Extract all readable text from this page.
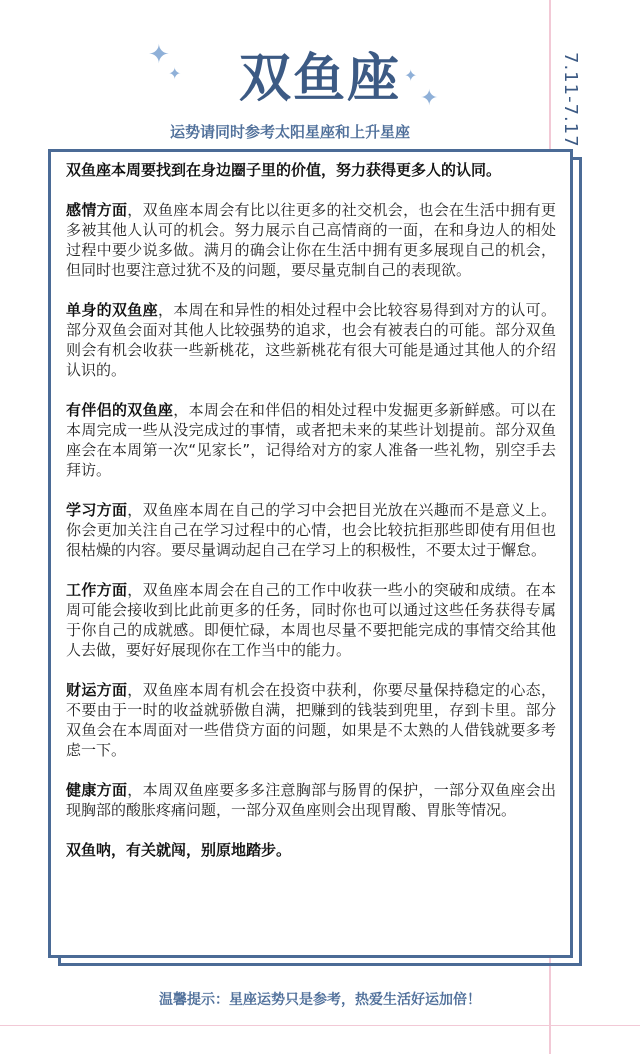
✦
✦	✦
✦
双鱼座	7.11-7.17
运势请同时参考太阳星座和上升星座

双鱼座本周要找到在身边圈子里的价值，努力获得更多人的认同。

感情方面，双鱼座本周会有比以往更多的社交机会，也会在生活中拥有更多被其他人认可的机会。努力展示自己高情商的一面，在和身边人的相处过程中要少说多做。满月的确会让你在生活中拥有更多展现自己的机会，但同时也要注意过犹不及的问题，要尽量克制自己的表现欲。

单身的双鱼座，本周在和异性的相处过程中会比较容易得到对方的认可。部分双鱼会面对其他人比较强势的追求，也会有被表白的可能。部分双鱼则会有机会收获一些新桃花，这些新桃花有很大可能是通过其他人的介绍认识的。

有伴侣的双鱼座，本周会在和伴侣的相处过程中发掘更多新鲜感。可以在本周完成一些从没完成过的事情，或者把未来的某些计划提前。部分双鱼座会在本周第一次“见家长”，记得给对方的家人准备一些礼物，别空手去拜访。

学习方面，双鱼座本周在自己的学习中会把目光放在兴趣而不是意义上。你会更加关注自己在学习过程中的心情，也会比较抗拒那些即使有用但也很枯燥的内容。要尽量调动起自己在学习上的积极性，不要太过于懈怠。

工作方面，双鱼座本周会在自己的工作中收获一些小的突破和成绩。在本周可能会接收到比此前更多的任务，同时你也可以通过这些任务获得专属于你自己的成就感。即便忙碌，本周也尽量不要把能完成的事情交给其他人去做，要好好展现你在工作当中的能力。

财运方面，双鱼座本周有机会在投资中获利，你要尽量保持稳定的心态，不要由于一时的收益就骄傲自满，把赚到的钱装到兜里，存到卡里。部分双鱼会在本周面对一些借贷方面的问题，如果是不太熟的人借钱就要多考虑一下。

健康方面，本周双鱼座要多多注意胸部与肠胃的保护，一部分双鱼座会出现胸部的酸胀疼痛问题，一部分双鱼座则会出现胃酸、胃胀等情况。

双鱼呐，有关就闯，别原地踏步。

温馨提示：星座运势只是参考，热爱生活好运加倍！
